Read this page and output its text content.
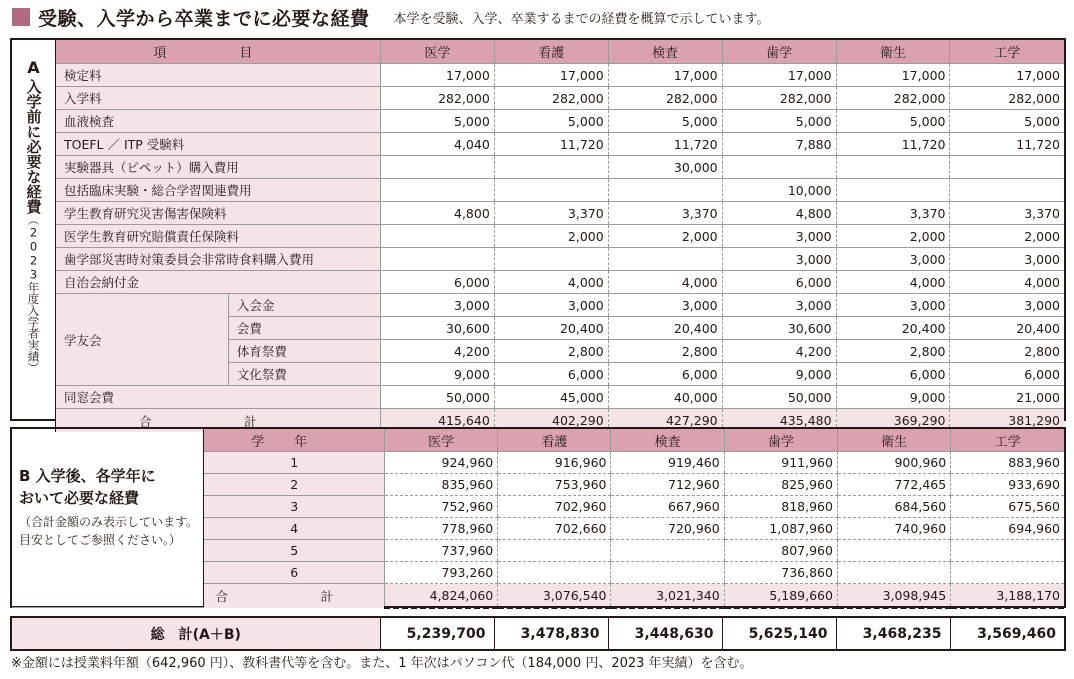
受験、入学から卒業までに必要な経費 本学を受験、入学、卒業するまでの経費を概算で示しています。
A
入学前に必要な経費（2023年度入学者実績）	項　目		医学	看護	検査	歯学	衛生	工学
	検定料		17,000	17,000	17,000	17,000	17,000	17,000
	入学料		282,000	282,000	282,000	282,000	282,000	282,000
	血液検査		5,000	5,000	5,000	5,000	5,000	5,000
	TOEFL ／ ITP 受験料		4,040	11,720	11,720	7,880	11,720	11,720
	実験器具（ピペット）購入費用				30,000			
	包括臨床実験・総合学習関連費用					10,000		
	学生教育研究災害傷害保険料		4,800	3,370	3,370	4,800	3,370	3,370
	医学生教育研究賠償責任保険料			2,000	2,000	3,000	2,000	2,000
	歯学部災害時対策委員会非常時食料購入費用					3,000	3,000	3,000
	自治会納付金		6,000	4,000	4,000	6,000	4,000	4,000
	学友会	入会金	3,000	3,000	3,000	3,000	3,000	3,000
		会費	30,600	20,400	20,400	30,600	20,400	20,400
		体育祭費	4,200	2,800	2,800	4,200	2,800	2,800
		文化祭費	9,000	6,000	6,000	9,000	6,000	6,000
	同窓会費		50,000	45,000	40,000	50,000	9,000	21,000
	合　計		415,640	402,290	427,290	435,480	369,290	381,290
B 入学後、各学年に
おいて必要な経費
（合計金額のみ表示しています。目安としてご参照ください。）	学年	医学	看護	検査	歯学	衛生	工学
	1	924,960	916,960	919,460	911,960	900,960	883,960
	2	835,960	753,960	712,960	825,960	772,465	933,690
	3	752,960	702,960	667,960	818,960	684,560	675,560
	4	778,960	702,660	720,960	1,087,960	740,960	694,960
	5	737,960			807,960		
	6	793,260			736,860		
	合　計	4,824,060	3,076,540	3,021,340	5,189,660	3,098,945	3,188,170
総　計(A＋B)	5,239,700	3,478,830	3,448,630	5,625,140	3,468,235	3,569,460
※金額には授業料年額（642,960 円）、教科書代等を含む。また、1 年次はパソコン代（184,000 円、2023 年実績）を含む。
